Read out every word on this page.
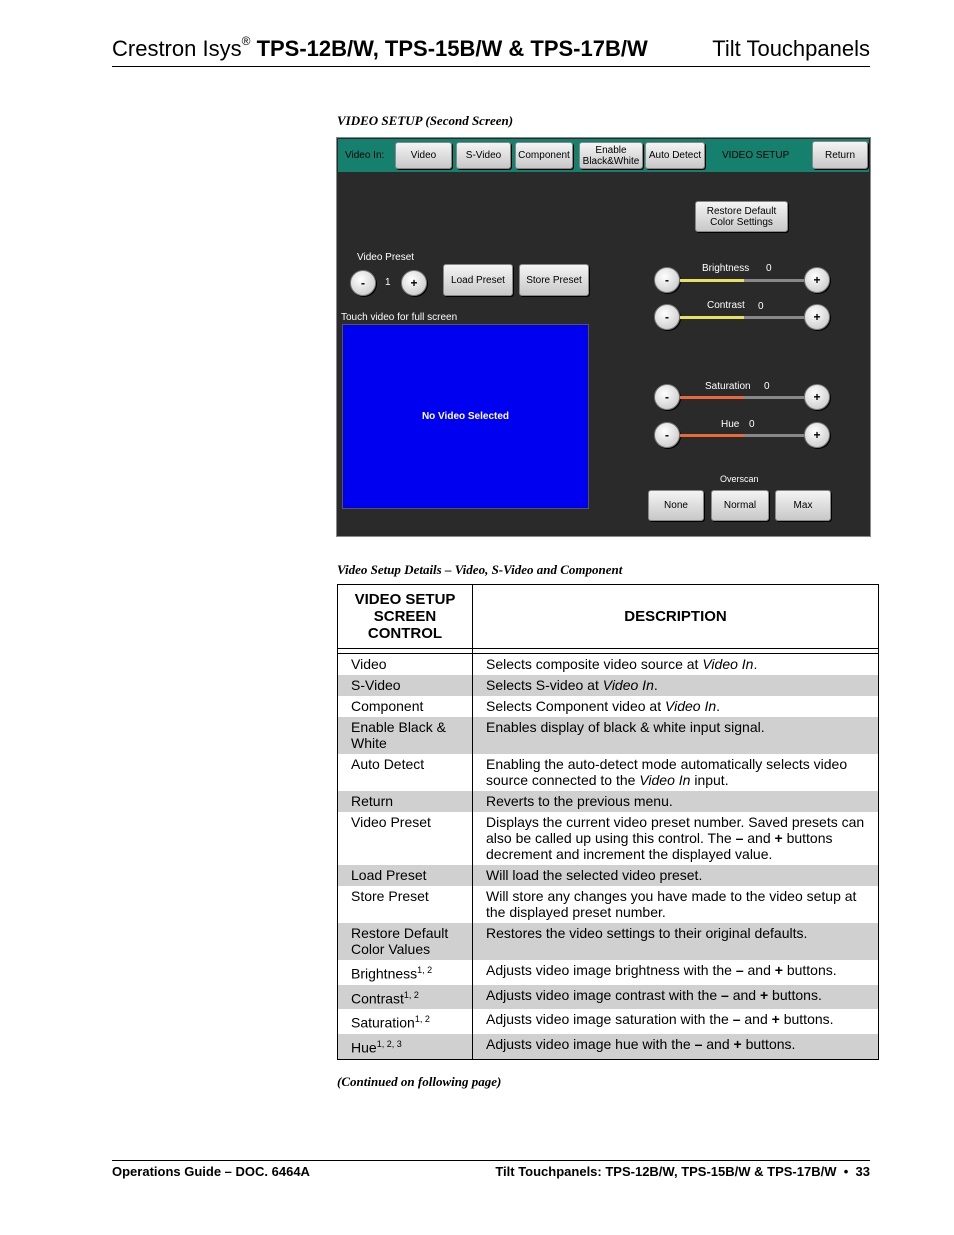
Crestron Isys® TPS-12B/W, TPS-15B/W & TPS-17B/W	Tilt Touchpanels
VIDEO SETUP (Second Screen)
Video In:	Video	S-Video	Component	Enable Black&White Auto Detect	VIDEO SETUP	Return
Restore Default Color Settings
Video Preset
-	1	+	Load Preset	Store Preset
Touch video for full screen
No Video Selected
Brightness 0
-	+
Contrast 0
-	+
Saturation 0
-	+
Hue 0
-	+
Overscan
None	Normal	Max
Video Setup Details – Video, S-Video and Component
VIDEO SETUP SCREEN CONTROL	DESCRIPTION

Video	Selects composite video source at Video In.
S-Video	Selects S-video at Video In.
Component	Selects Component video at Video In.
Enable Black & White	Enables display of black & white input signal.
Auto Detect	Enabling the auto-detect mode automatically selects video source connected to the Video In input.
Return	Reverts to the previous menu.
Video Preset	Displays the current video preset number. Saved presets can also be called up using this control. The – and + buttons decrement and increment the displayed value.
Load Preset	Will load the selected video preset.
Store Preset	Will store any changes you have made to the video setup at the displayed preset number.
Restore Default Color Values	Restores the video settings to their original defaults.
Brightness$^{1, 2}$	Adjusts video image brightness with the – and + buttons.
Contrast$^{1, 2}$	Adjusts video image contrast with the – and + buttons.
Saturation$^{1, 2}$	Adjusts video image saturation with the – and + buttons.
Hue$^{1, 2, 3}$	Adjusts video image hue with the – and + buttons.
(Continued on following page)
Operations Guide – DOC. 6464A	Tilt Touchpanels: TPS-12B/W, TPS-15B/W & TPS-17B/W • 33
